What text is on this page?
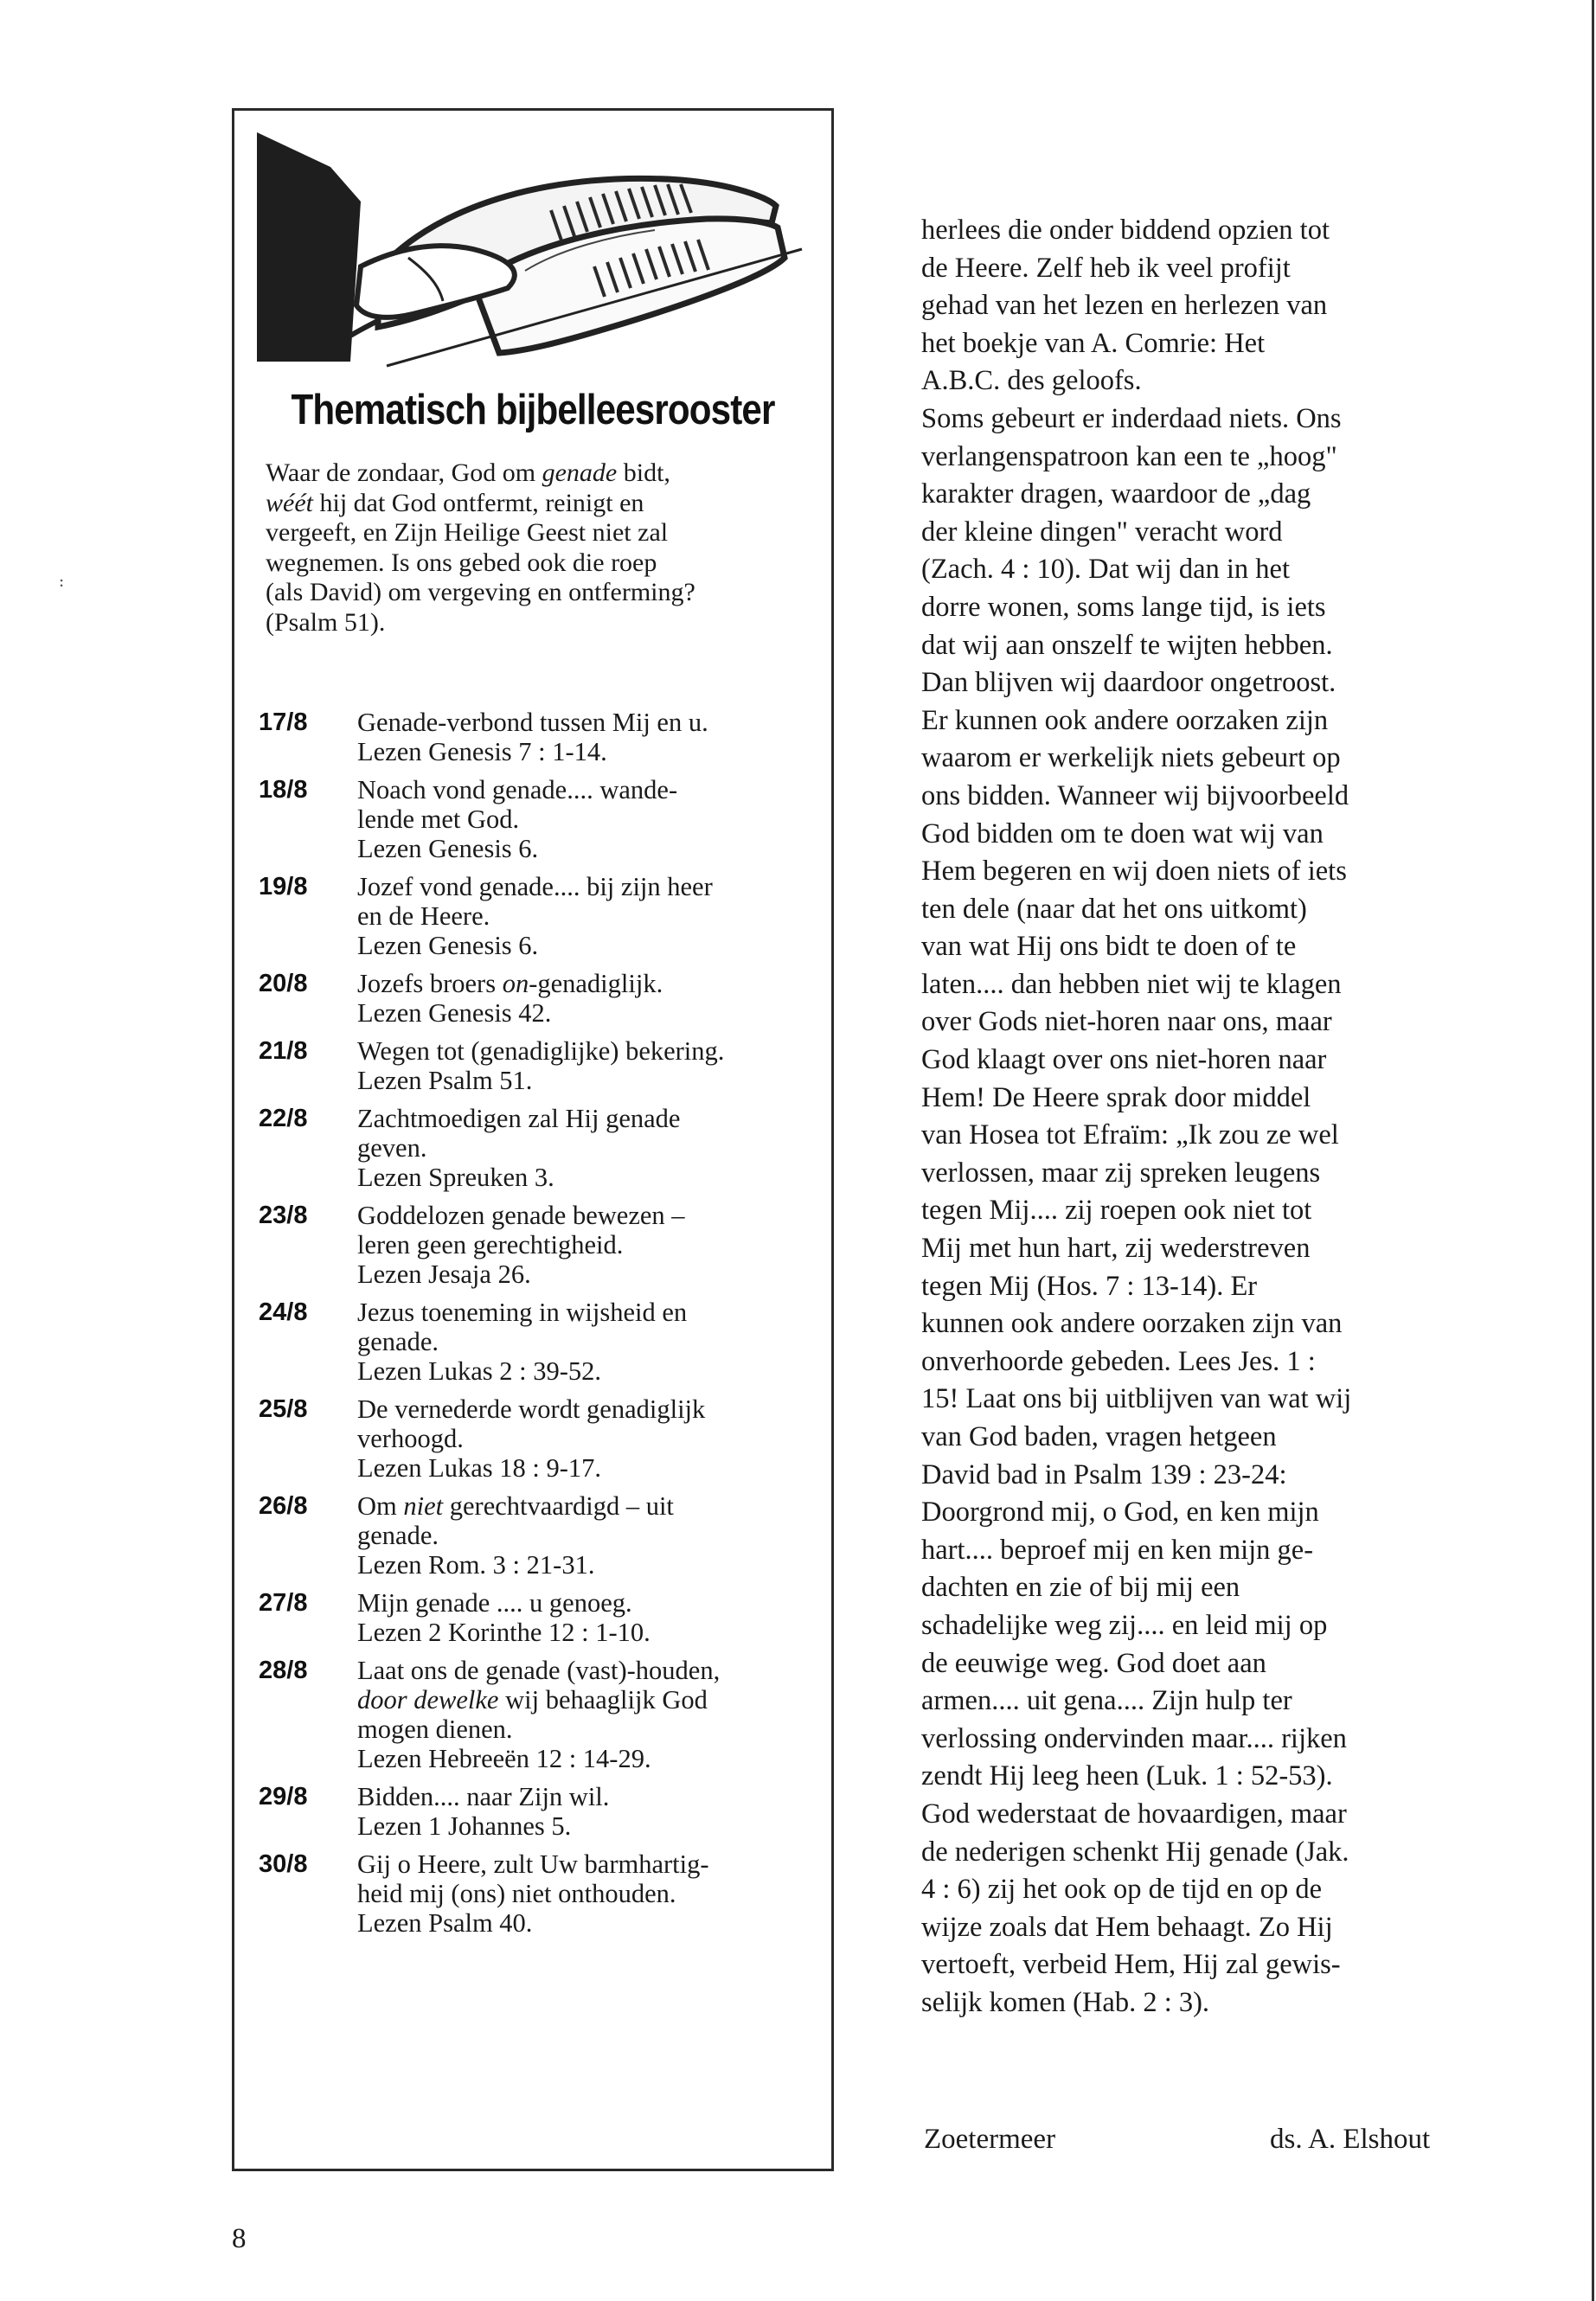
꞉
Thematisch bijbelleesrooster
Waar de zondaar, God om genade bidt,
wéét hij dat God ontfermt, reinigt en
vergeeft, en Zijn Heilige Geest niet zal
wegnemen. Is ons gebed ook die roep
(als David) om vergeving en ontferming?
(Psalm 51).
17/8	Genade-verbond tussen Mij en u.
Lezen Genesis 7 : 1-14.
18/8	Noach vond genade.... wande-
lende met God.
Lezen Genesis 6.
19/8	Jozef vond genade.... bij zijn heer
en de Heere.
Lezen Genesis 6.
20/8	Jozefs broers on-genadiglijk.
Lezen Genesis 42.
21/8	Wegen tot (genadiglijke) bekering.
Lezen Psalm 51.
22/8	Zachtmoedigen zal Hij genade
geven.
Lezen Spreuken 3.
23/8	Goddelozen genade bewezen –
leren geen gerechtigheid.
Lezen Jesaja 26.
24/8	Jezus toeneming in wijsheid en
genade.
Lezen Lukas 2 : 39-52.
25/8	De vernederde wordt genadiglijk
verhoogd.
Lezen Lukas 18 : 9-17.
26/8	Om niet gerechtvaardigd – uit
genade.
Lezen Rom. 3 : 21-31.
27/8	Mijn genade .... u genoeg.
Lezen 2 Korinthe 12 : 1-10.
28/8	Laat ons de genade (vast)-houden,
door dewelke wij behaaglijk God
mogen dienen.
Lezen Hebreeën 12 : 14-29.
29/8	Bidden.... naar Zijn wil.
Lezen 1 Johannes 5.
30/8	Gij o Heere, zult Uw barmhartig-
heid mij (ons) niet onthouden.
Lezen Psalm 40.
herlees die onder biddend opzien tot
de Heere. Zelf heb ik veel profijt
gehad van het lezen en herlezen van
het boekje van A. Comrie: Het
A.B.C. des geloofs.
Soms gebeurt er inderdaad niets. Ons
verlangenspatroon kan een te „hoog"
karakter dragen, waardoor de „dag
der kleine dingen" veracht word
(Zach. 4 : 10). Dat wij dan in het
dorre wonen, soms lange tijd, is iets
dat wij aan onszelf te wijten hebben.
Dan blijven wij daardoor ongetroost.
Er kunnen ook andere oorzaken zijn
waarom er werkelijk niets gebeurt op
ons bidden. Wanneer wij bijvoorbeeld
God bidden om te doen wat wij van
Hem begeren en wij doen niets of iets
ten dele (naar dat het ons uitkomt)
van wat Hij ons bidt te doen of te
laten.... dan hebben niet wij te klagen
over Gods niet-horen naar ons, maar
God klaagt over ons niet-horen naar
Hem! De Heere sprak door middel
van Hosea tot Efraïm: „Ik zou ze wel
verlossen, maar zij spreken leugens
tegen Mij.... zij roepen ook niet tot
Mij met hun hart, zij wederstreven
tegen Mij (Hos. 7 : 13-14). Er
kunnen ook andere oorzaken zijn van
onverhoorde gebeden. Lees Jes. 1 :
15! Laat ons bij uitblijven van wat wij
van God baden, vragen hetgeen
David bad in Psalm 139 : 23-24:
Doorgrond mij, o God, en ken mijn
hart.... beproef mij en ken mijn ge-
dachten en zie of bij mij een
schadelijke weg zij.... en leid mij op
de eeuwige weg. God doet aan
armen.... uit gena.... Zijn hulp ter
verlossing ondervinden maar.... rijken
zendt Hij leeg heen (Luk. 1 : 52-53).
God wederstaat de hovaardigen, maar
de nederigen schenkt Hij genade (Jak.
4 : 6) zij het ook op de tijd en op de
wijze zoals dat Hem behaagt. Zo Hij
vertoeft, verbeid Hem, Hij zal gewis-
selijk komen (Hab. 2 : 3).
Zoetermeer	ds. A. Elshout
8
